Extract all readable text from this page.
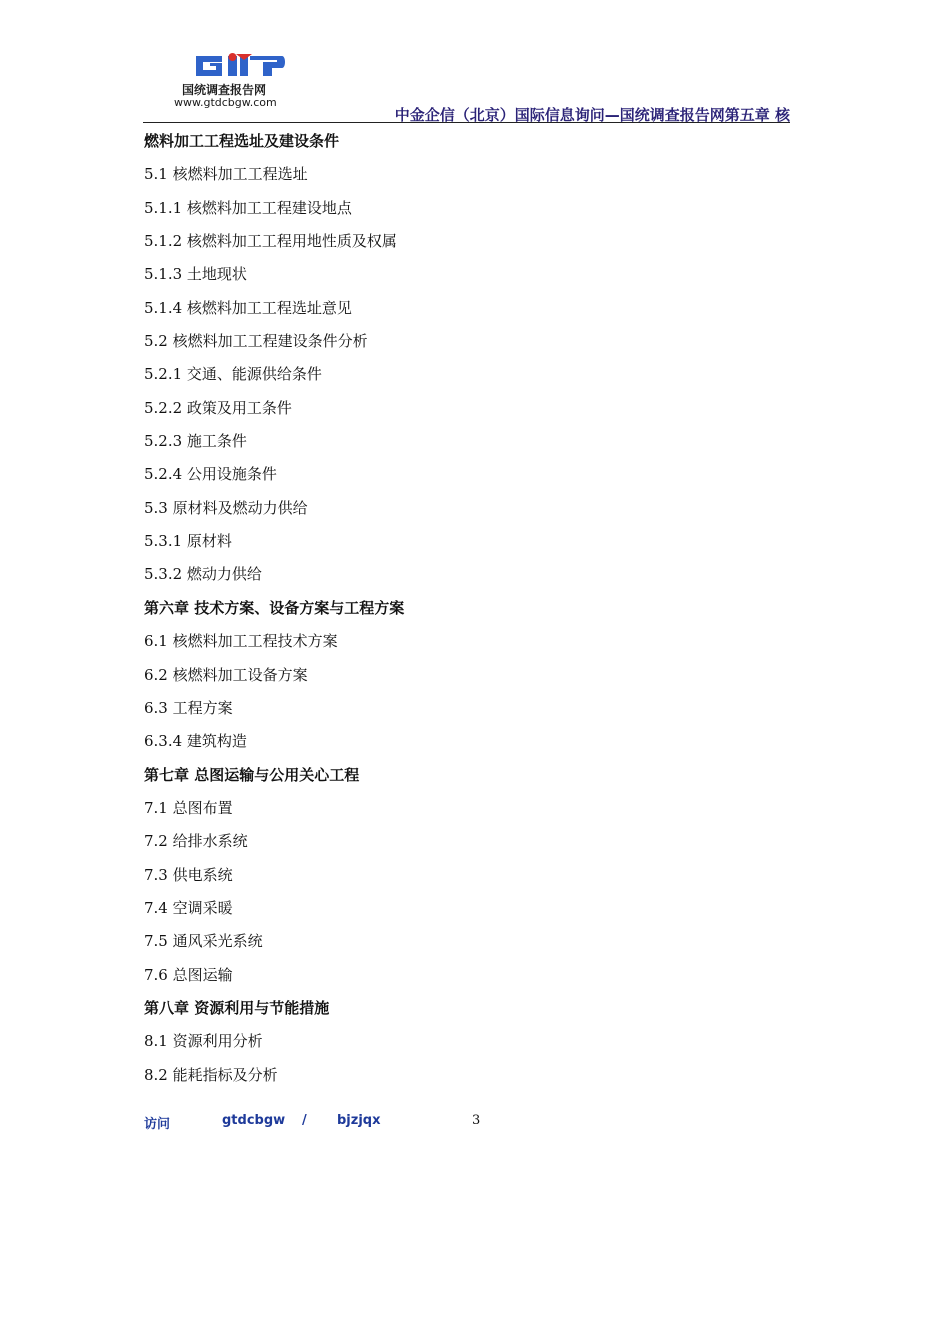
国统调查报告网
www.gtdcbgw.com
中金企信（北京）国际信息询问—国统调查报告网第五章 核
燃料加工工程选址及建设条件
5.1 核燃料加工工程选址
5.1.1 核燃料加工工程建设地点
5.1.2 核燃料加工工程用地性质及权属
5.1.3 土地现状
5.1.4 核燃料加工工程选址意见
5.2 核燃料加工工程建设条件分析
5.2.1 交通、能源供给条件
5.2.2 政策及用工条件
5.2.3 施工条件
5.2.4 公用设施条件
5.3 原材料及燃动力供给
5.3.1 原材料
5.3.2 燃动力供给
第六章 技术方案、设备方案与工程方案
6.1 核燃料加工工程技术方案
6.2 核燃料加工设备方案
6.3 工程方案
6.3.4 建筑构造
第七章 总图运输与公用关心工程
7.1 总图布置
7.2 给排水系统
7.3 供电系统
7.4 空调采暖
7.5 通风采光系统
7.6 总图运输
第八章 资源利用与节能措施
8.1 资源利用分析
8.2 能耗指标及分析
访问	gtdcbgw / bjzjqx	3
